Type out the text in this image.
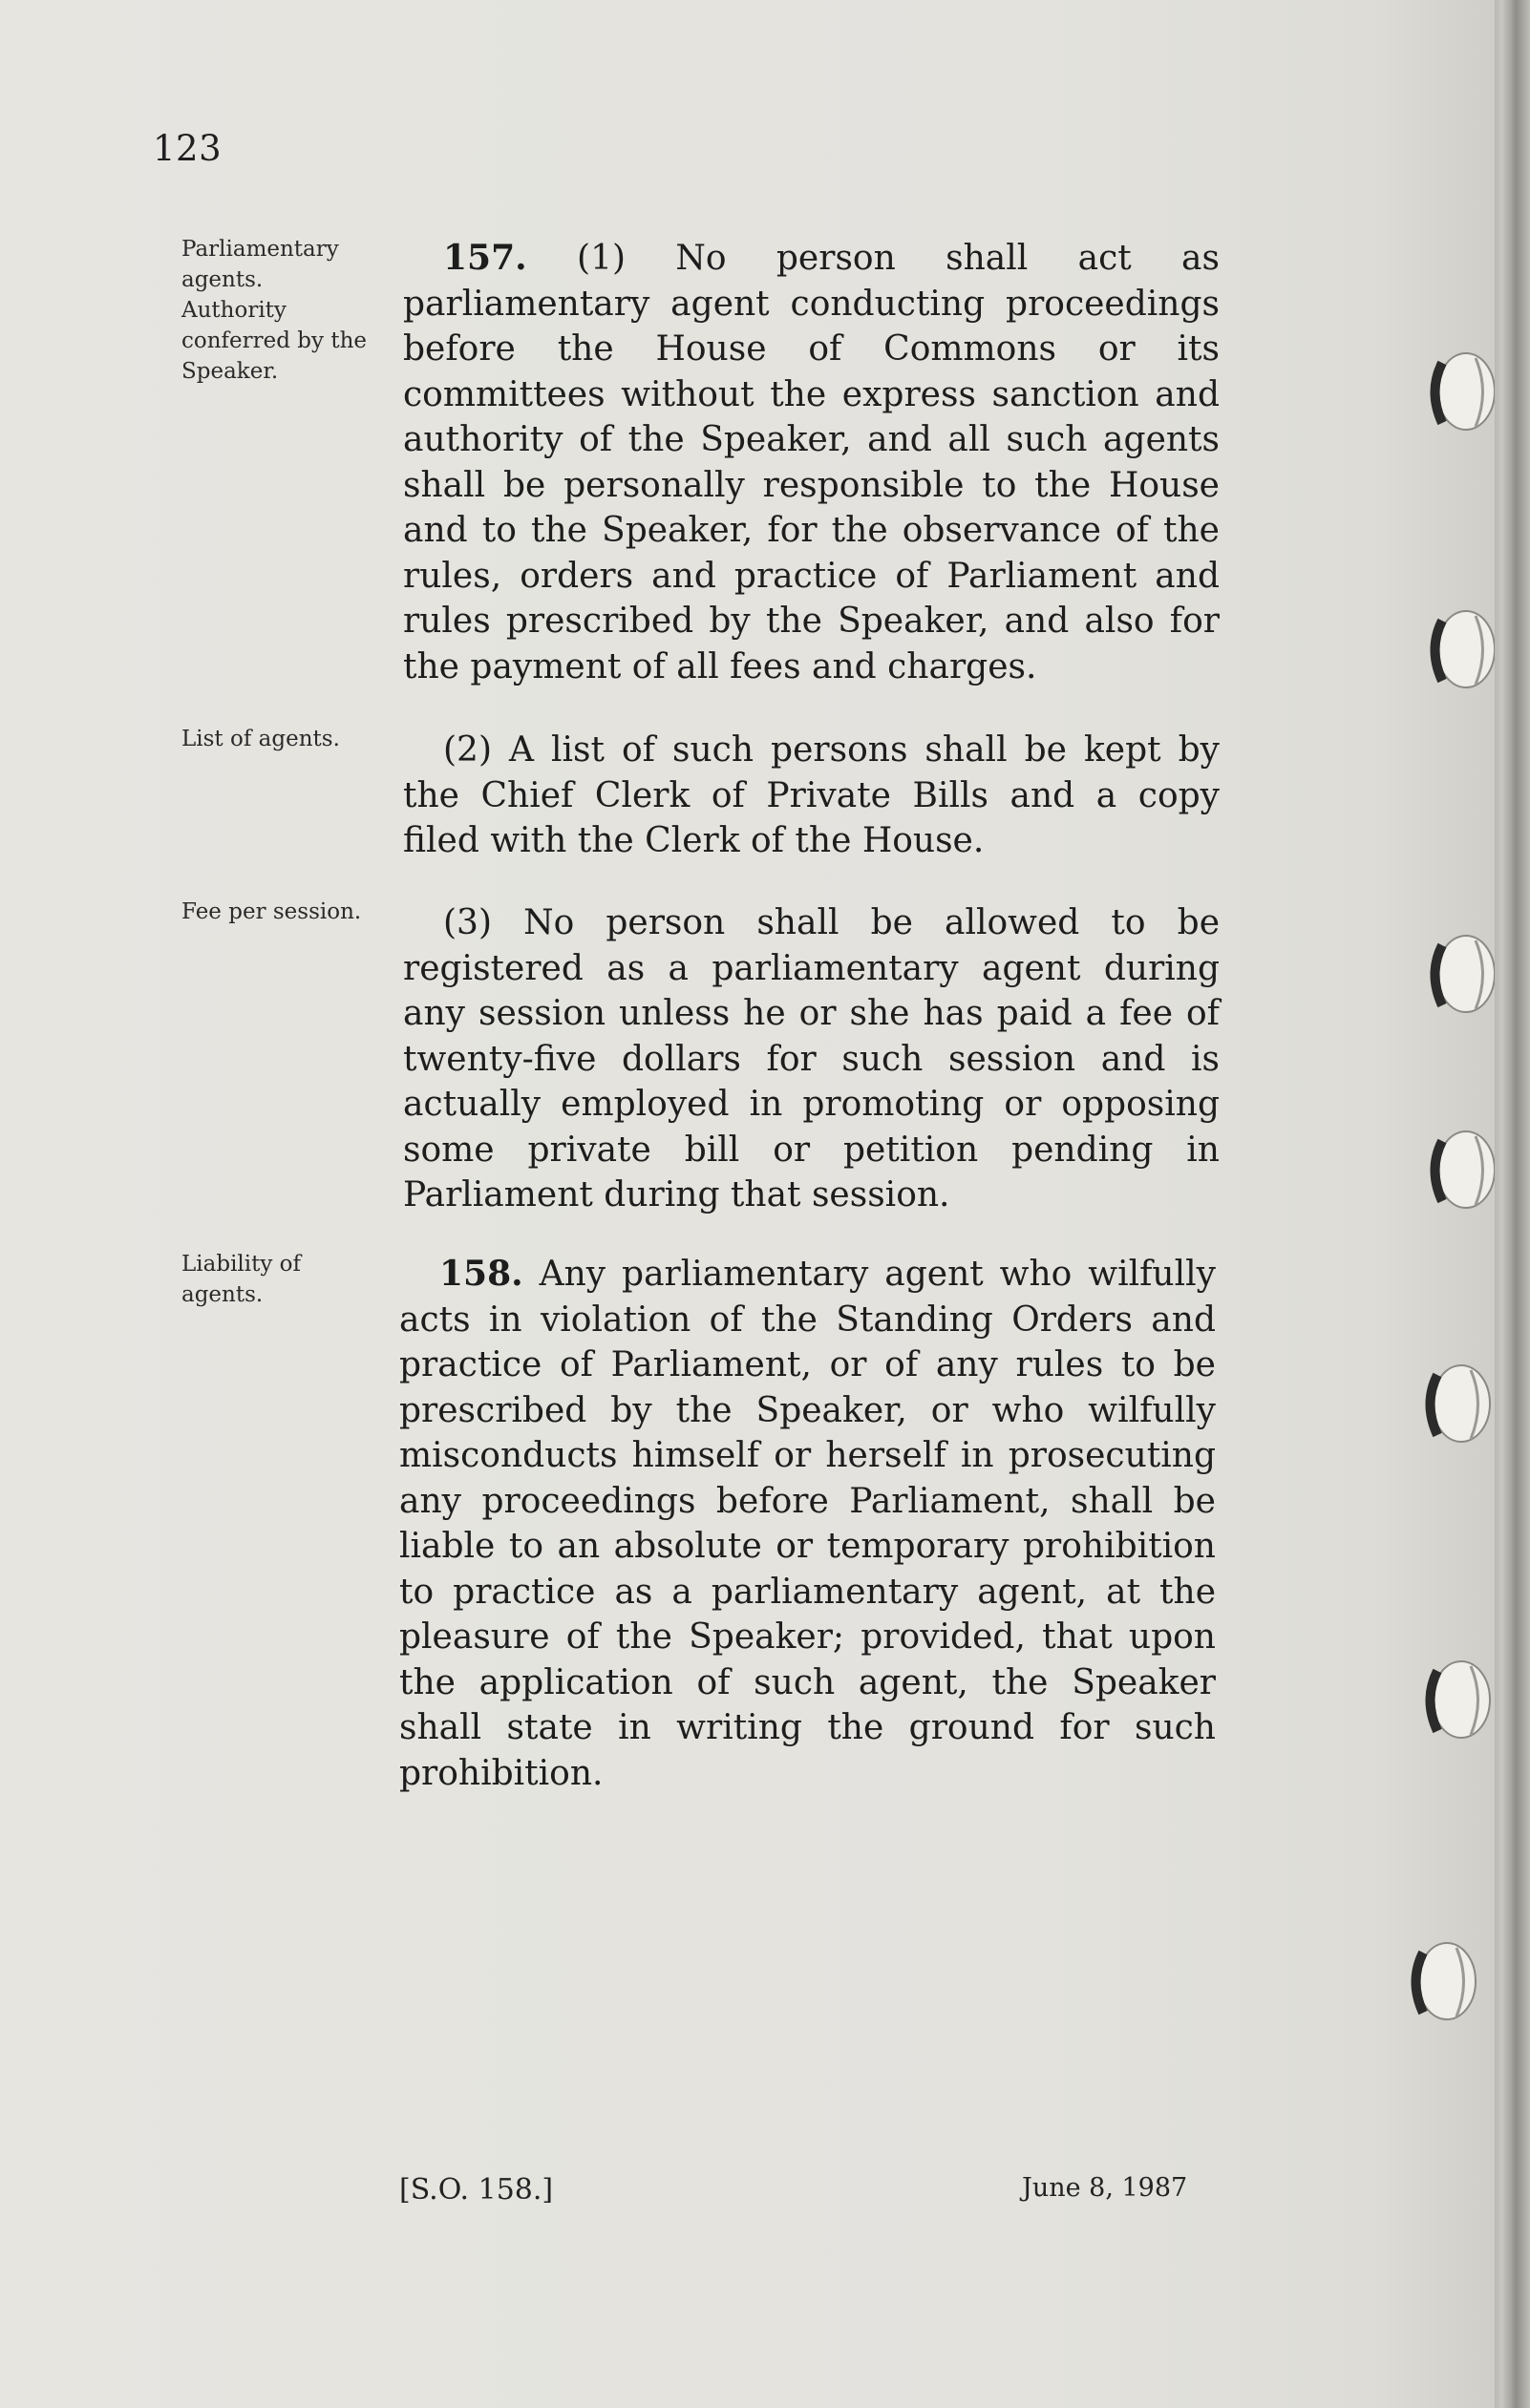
123
Parliamentary agents.
Authority conferred by the Speaker.
List of agents.
Fee per session.
Liability of agents.

157. (1) No person shall act as parliamentary agent conducting proceedings before the House of Commons or its committees without the express sanction and authority of the Speaker, and all such agents shall be personally responsible to the House and to the Speaker, for the observance of the rules, orders and practice of Parliament and rules prescribed by the Speaker, and also for the payment of all fees and charges.

(2) A list of such persons shall be kept by the Chief Clerk of Private Bills and a copy filed with the Clerk of the House.

(3) No person shall be allowed to be registered as a parliamentary agent during any session unless he or she has paid a fee of twenty-five dollars for such session and is actually employed in promoting or opposing some private bill or petition pending in Parliament during that session.

158. Any parliamentary agent who wilfully acts in violation of the Standing Orders and practice of Parliament, or of any rules to be prescribed by the Speaker, or who wilfully misconducts himself or herself in prosecuting any proceedings before Parliament, shall be liable to an absolute or temporary prohibition to practice as a parliamentary agent, at the pleasure of the Speaker; provided, that upon the application of such agent, the Speaker shall state in writing the ground for such prohibition.

[S.O. 158.]	June 8, 1987
